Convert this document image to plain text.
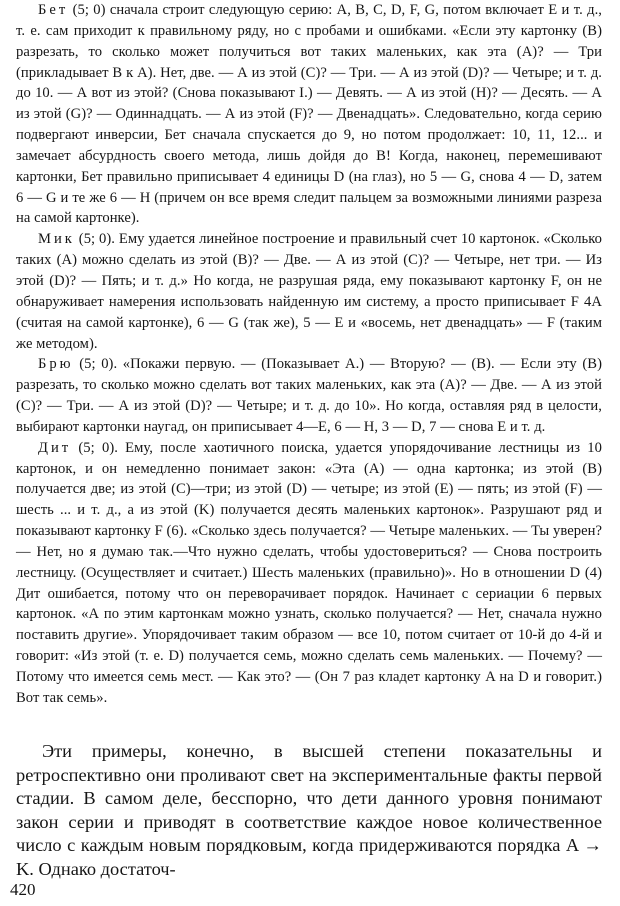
Бет (5; 0) сначала строит следующую серию: A, B, C, D, F, G, потом включает E и т. д., т. е. сам приходит к правильному ряду, но с пробами и ошибками. «Если эту картонку (B) разрезать, то сколько может получиться вот таких маленьких, как эта (A)? — Три (прикладывает B к A). Нет, две. — А из этой (C)? — Три. — А из этой (D)? — Четыре; и т. д. до 10. — А вот из этой? (Снова показывают I.) — Девять. — А из этой (H)? — Десять. — А из этой (G)? — Одиннадцать. — А из этой (F)? — Двенадцать». Следовательно, когда серию подвергают инверсии, Бет сначала спускается до 9, но потом продолжает: 10, 11, 12... и замечает абсурдность своего метода, лишь дойдя до B! Когда, наконец, перемешивают картонки, Бет правильно приписывает 4 единицы D (на глаз), но 5 — G, снова 4 — D, затем 6 — G и те же 6 — H (причем он все время следит пальцем за возможными линиями разреза на самой картонке).

Мик (5; 0). Ему удается линейное построение и правильный счет 10 картонок. «Сколько таких (A) можно сделать из этой (B)? — Две. — А из этой (C)? — Четыре, нет три. — Из этой (D)? — Пять; и т. д.» Но когда, не разрушая ряда, ему показывают картонку F, он не обнаруживает намерения использовать найденную им систему, а просто приписывает F 4A (считая на самой картонке), 6 — G (так же), 5 — E и «восемь, нет двенадцать» — F (таким же методом).

Брю (5; 0). «Покажи первую. — (Показывает A.) — Вторую? — (B). — Если эту (B) разрезать, то сколько можно сделать вот таких маленьких, как эта (A)? — Две. — А из этой (C)? — Три. — А из этой (D)? — Четыре; и т. д. до 10». Но когда, оставляя ряд в целости, выбирают картонки наугад, он приписывает 4—E, 6 — H, 3 — D, 7 — снова E и т. д.

Дит (5; 0). Ему, после хаотичного поиска, удается упорядочивание лестницы из 10 картонок, и он немедленно понимает закон: «Эта (A) — одна картонка; из этой (B) получается две; из этой (C)—три; из этой (D) — четыре; из этой (E) — пять; из этой (F) — шесть ... и т. д., а из этой (K) получается десять маленьких картонок». Разрушают ряд и показывают картонку F (6). «Сколько здесь получается? — Четыре маленьких. — Ты уверен? — Нет, но я думаю так.—Что нужно сделать, чтобы удостовериться? — Снова построить лестницу. (Осуществляет и считает.) Шесть маленьких (правильно)». Но в отношении D (4) Дит ошибается, потому что он переворачивает порядок. Начинает с сериации 6 первых картонок. «А по этим картонкам можно узнать, сколько получается? — Нет, сначала нужно поставить другие». Упорядочивает таким образом — все 10, потом считает от 10-й до 4-й и говорит: «Из этой (т. е. D) получается семь, можно сделать семь маленьких. — Почему? — Потому что имеется семь мест. — Как это? — (Он 7 раз кладет картонку A на D и говорит.) Вот так семь».

Эти примеры, конечно, в высшей степени показательны и ретроспективно они проливают свет на экспериментальные факты первой стадии. В самом деле, бесспорно, что дети данного уровня понимают закон серии и приводят в соответствие каждое новое количественное число с каждым новым порядковым, когда придерживаются порядка A → K. Однако достаточ-

420
